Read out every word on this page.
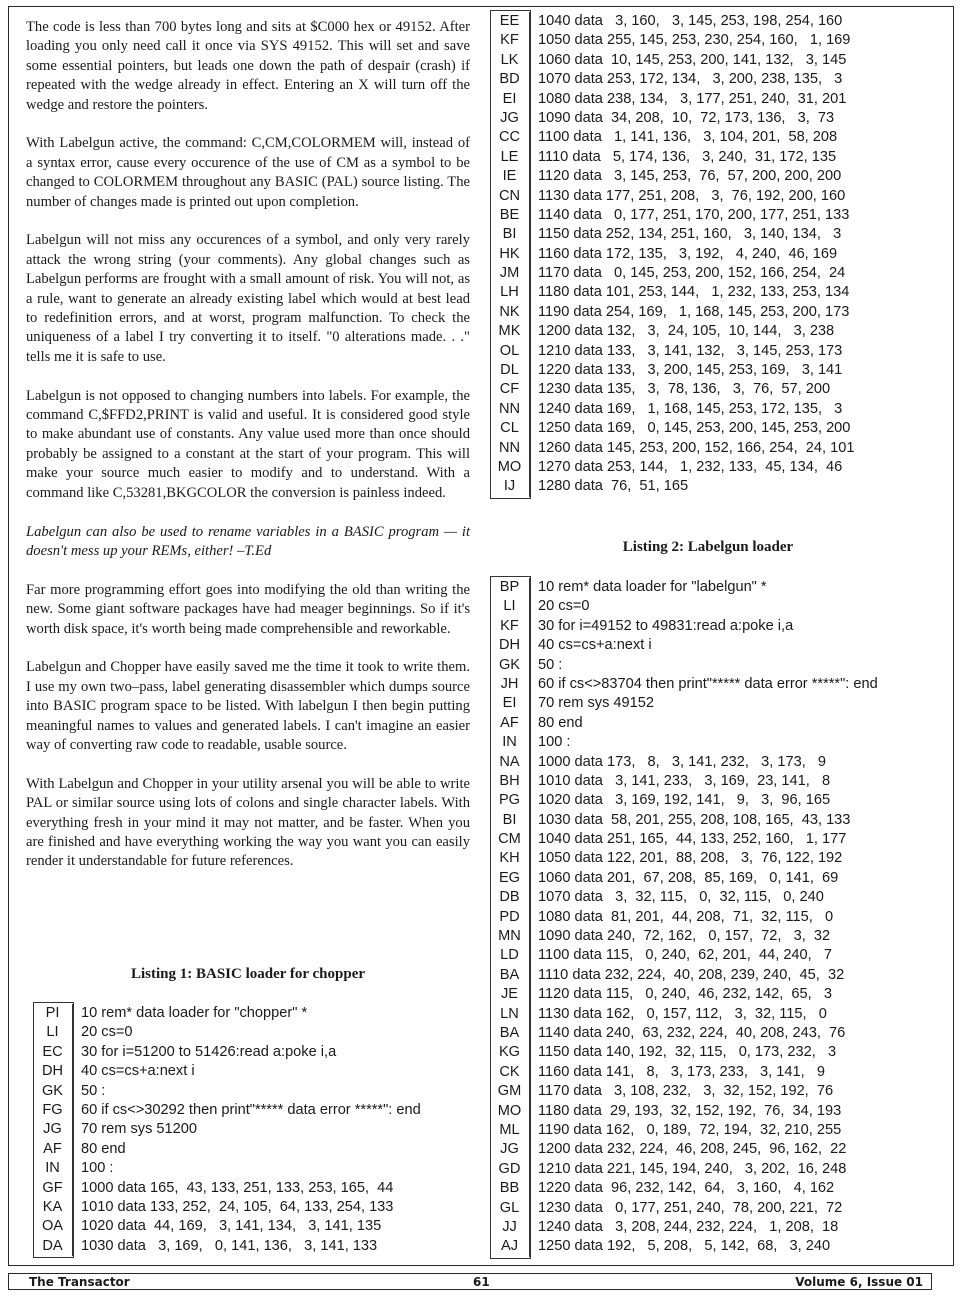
The code is less than 700 bytes long and sits at $C000 hex or 49152. After loading you only need call it once via SYS 49152. This will set and save some essential pointers, but leads one down the path of despair (crash) if repeated with the wedge already in effect. Entering an X will turn off the wedge and restore the pointers.

With Labelgun active, the command: C,CM,COLORMEM will, instead of a syntax error, cause every occurence of the use of CM as a symbol to be changed to COLORMEM throughout any BASIC (PAL) source listing. The number of changes made is printed out upon completion.

Labelgun will not miss any occurences of a symbol, and only very rarely attack the wrong string (your comments). Any global changes such as Labelgun performs are frought with a small amount of risk. You will not, as a rule, want to generate an already existing label which would at best lead to redefinition errors, and at worst, program malfunction. To check the uniqueness of a label I try converting it to itself. "0 alterations made. . ." tells me it is safe to use.

Labelgun is not opposed to changing numbers into labels. For example, the command C,$FFD2,PRINT is valid and useful. It is considered good style to make abundant use of constants. Any value used more than once should probably be assigned to a constant at the start of your program. This will make your source much easier to modify and to understand. With a command like C,53281,BKGCOLOR the conversion is painless indeed.

Labelgun can also be used to rename variables in a BASIC program — it doesn't mess up your REMs, either! –T.Ed

Far more programming effort goes into modifying the old than writing the new. Some giant software packages have had meager beginnings. So if it's worth disk space, it's worth being made comprehensible and reworkable.

Labelgun and Chopper have easily saved me the time it took to write them. I use my own two–pass, label generating disassembler which dumps source into BASIC program space to be listed. With labelgun I then begin putting meaningful names to values and generated labels. I can't imagine an easier way of converting raw code to readable, usable source.

With Labelgun and Chopper in your utility arsenal you will be able to write PAL or similar source using lots of colons and single character labels. With everything fresh in your mind it may not matter, and be faster. When you are finished and have everything working the way you want you can easily render it understandable for future references.

Listing 1: BASIC loader for chopper
PI	10 rem* data loader for "chopper" *
LI	20 cs=0
EC	30 for i=51200 to 51426:read a:poke i,a
DH	40 cs=cs+a:next i
GK	50 :
FG	60 if cs<>30292 then print"***** data error *****": end
JG	70 rem sys 51200
AF	80 end
IN	100 :
GF	1000 data 165,  43, 133, 251, 133, 253, 165,  44
KA	1010 data 133, 252,  24, 105,  64, 133, 254, 133
OA	1020 data  44, 169,   3, 141, 134,   3, 141, 135
DA	1030 data   3, 169,   0, 141, 136,   3, 141, 133
EE	1040 data   3, 160,   3, 145, 253, 198, 254, 160
KF	1050 data 255, 145, 253, 230, 254, 160,   1, 169
LK	1060 data  10, 145, 253, 200, 141, 132,   3, 145
BD	1070 data 253, 172, 134,   3, 200, 238, 135,   3
EI	1080 data 238, 134,   3, 177, 251, 240,  31, 201
JG	1090 data  34, 208,  10,  72, 173, 136,   3,  73
CC	1100 data   1, 141, 136,   3, 104, 201,  58, 208
LE	1110 data   5, 174, 136,   3, 240,  31, 172, 135
IE	1120 data   3, 145, 253,  76,  57, 200, 200, 200
CN	1130 data 177, 251, 208,   3,  76, 192, 200, 160
BE	1140 data   0, 177, 251, 170, 200, 177, 251, 133
BI	1150 data 252, 134, 251, 160,   3, 140, 134,   3
HK	1160 data 172, 135,   3, 192,   4, 240,  46, 169
JM	1170 data   0, 145, 253, 200, 152, 166, 254,  24
LH	1180 data 101, 253, 144,   1, 232, 133, 253, 134
NK	1190 data 254, 169,   1, 168, 145, 253, 200, 173
MK	1200 data 132,   3,  24, 105,  10, 144,   3, 238
OL	1210 data 133,   3, 141, 132,   3, 145, 253, 173
DL	1220 data 133,   3, 200, 145, 253, 169,   3, 141
CF	1230 data 135,   3,  78, 136,   3,  76,  57, 200
NN	1240 data 169,   1, 168, 145, 253, 172, 135,   3
CL	1250 data 169,   0, 145, 253, 200, 145, 253, 200
NN	1260 data 145, 253, 200, 152, 166, 254,  24, 101
MO	1270 data 253, 144,   1, 232, 133,  45, 134,  46
IJ	1280 data  76,  51, 165
Listing 2: Labelgun loader
BP	10 rem* data loader for "labelgun" *
LI	20 cs=0
KF	30 for i=49152 to 49831:read a:poke i,a
DH	40 cs=cs+a:next i
GK	50 :
JH	60 if cs<>83704 then print"***** data error *****": end
EI	70 rem sys 49152
AF	80 end
IN	100 :
NA	1000 data 173,   8,   3, 141, 232,   3, 173,   9
BH	1010 data   3, 141, 233,   3, 169,  23, 141,   8
PG	1020 data   3, 169, 192, 141,   9,   3,  96, 165
BI	1030 data  58, 201, 255, 208, 108, 165,  43, 133
CM	1040 data 251, 165,  44, 133, 252, 160,   1, 177
KH	1050 data 122, 201,  88, 208,   3,  76, 122, 192
EG	1060 data 201,  67, 208,  85, 169,   0, 141,  69
DB	1070 data   3,  32, 115,   0,  32, 115,   0, 240
PD	1080 data  81, 201,  44, 208,  71,  32, 115,   0
MN	1090 data 240,  72, 162,   0, 157,  72,   3,  32
LD	1100 data 115,   0, 240,  62, 201,  44, 240,   7
BA	1110 data 232, 224,  40, 208, 239, 240,  45,  32
JE	1120 data 115,   0, 240,  46, 232, 142,  65,   3
LN	1130 data 162,   0, 157, 112,   3,  32, 115,   0
BA	1140 data 240,  63, 232, 224,  40, 208, 243,  76
KG	1150 data 140, 192,  32, 115,   0, 173, 232,   3
CK	1160 data 141,   8,   3, 173, 233,   3, 141,   9
GM	1170 data   3, 108, 232,   3,  32, 152, 192,  76
MO	1180 data  29, 193,  32, 152, 192,  76,  34, 193
ML	1190 data 162,   0, 189,  72, 194,  32, 210, 255
JG	1200 data 232, 224,  46, 208, 245,  96, 162,  22
GD	1210 data 221, 145, 194, 240,   3, 202,  16, 248
BB	1220 data  96, 232, 142,  64,   3, 160,   4, 162
GL	1230 data   0, 177, 251, 240,  78, 200, 221,  72
JJ	1240 data   3, 208, 244, 232, 224,   1, 208,  18
AJ	1250 data 192,   5, 208,   5, 142,  68,   3, 240
The Transactor	61	Volume 6, Issue 01
